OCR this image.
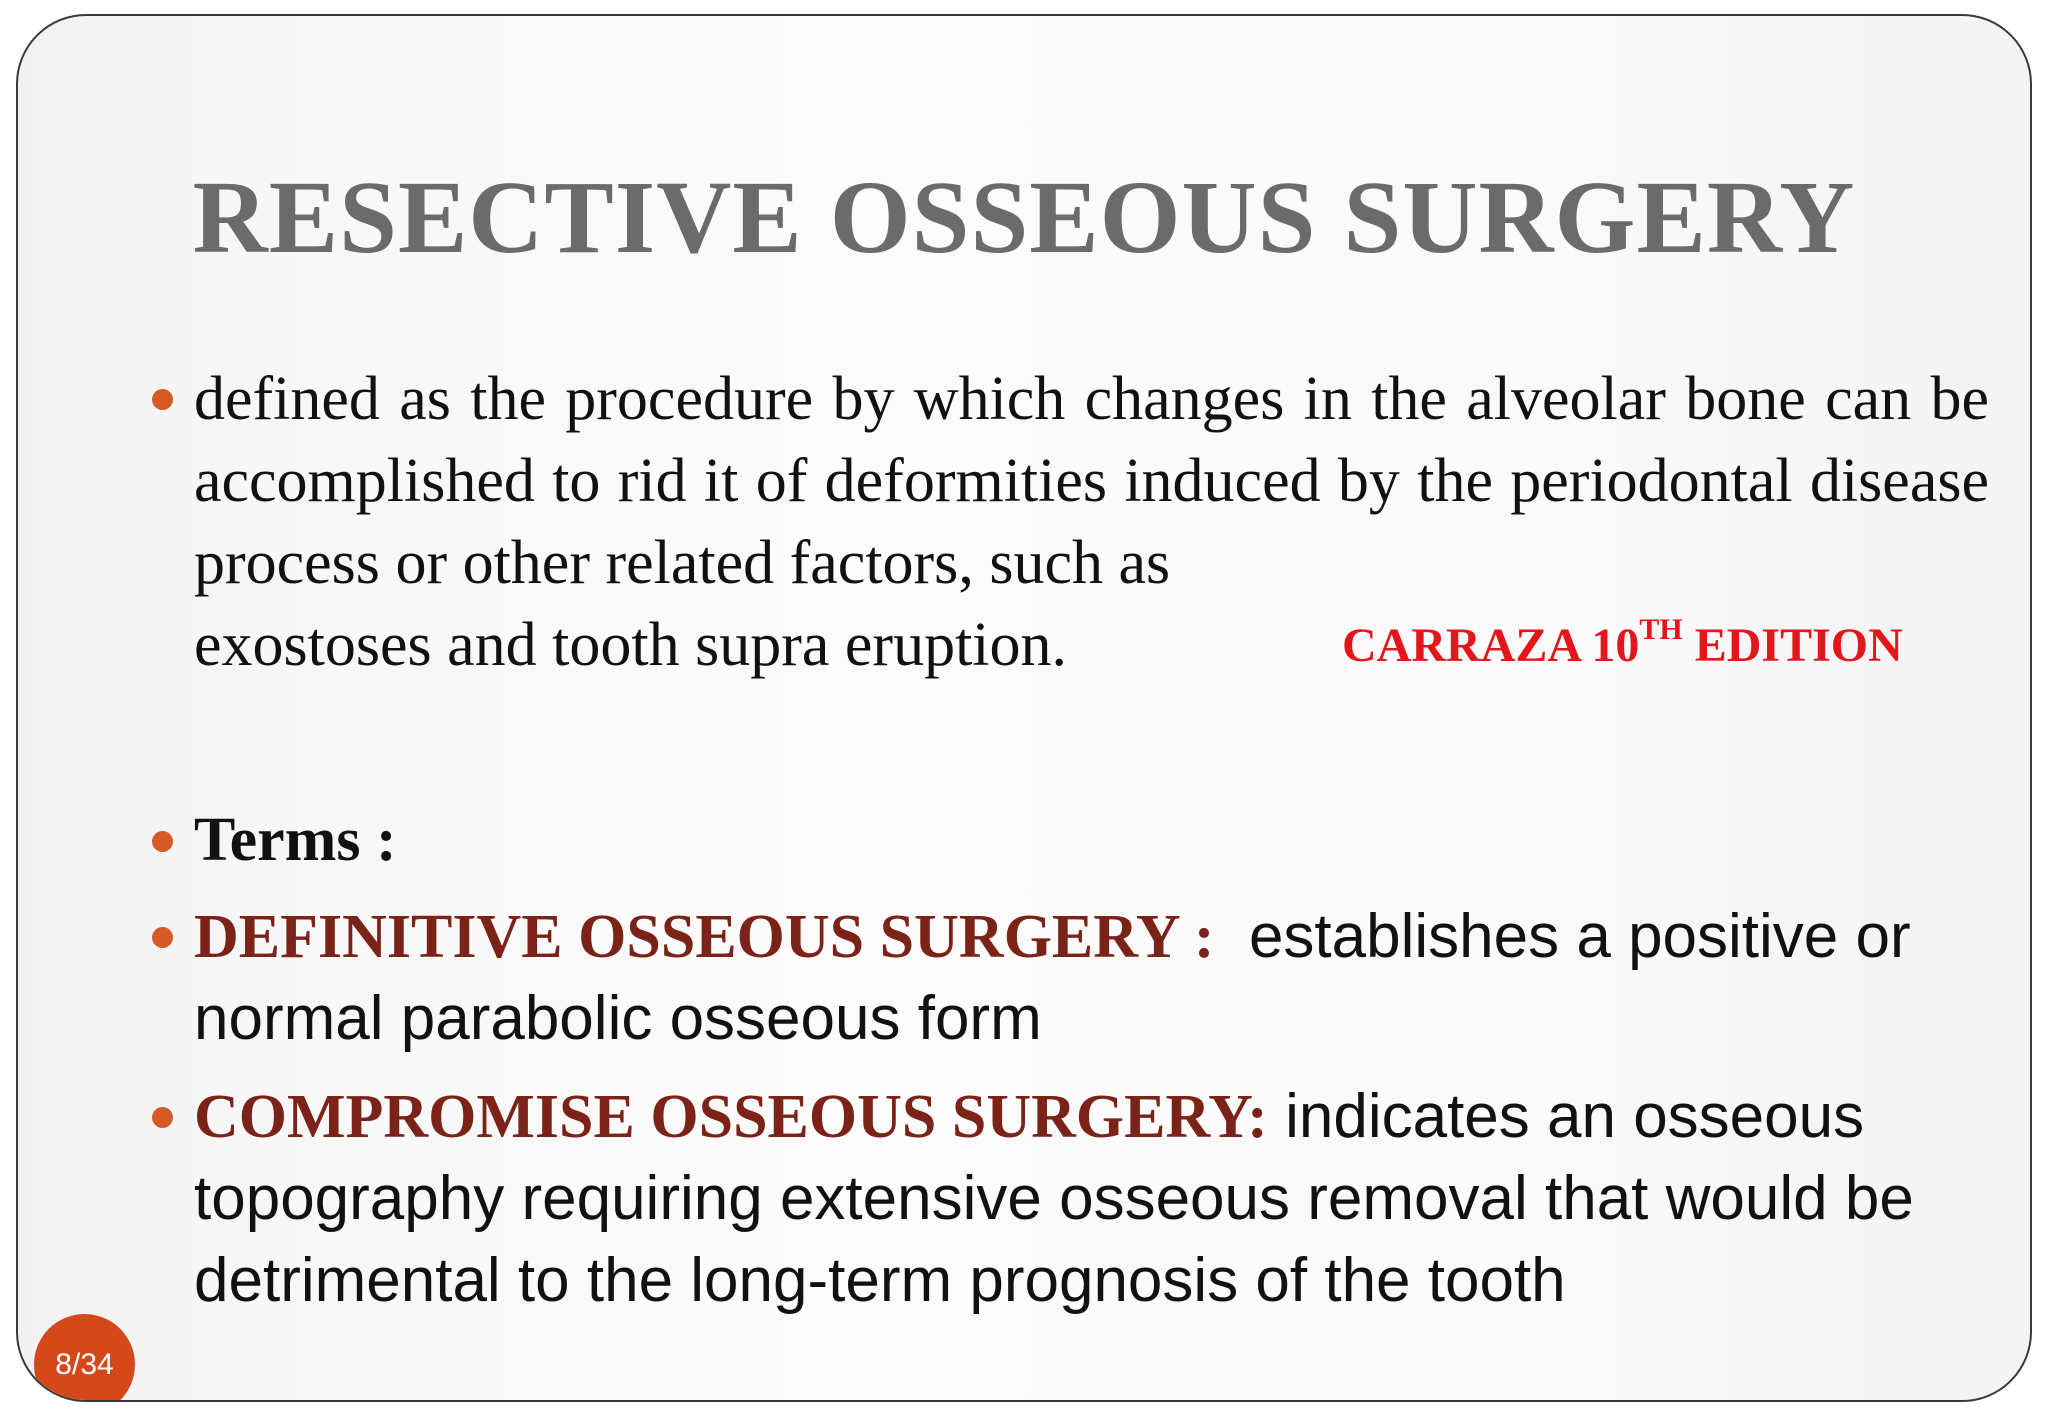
RESECTIVE OSSEOUS SURGERY
defined as the procedure by which changes in the alveolar bone can be accomplished to rid it of deformities induced by the periodontal disease process or other related factors, such as
exostoses and tooth supra eruption.	CARRAZA 10TH EDITION
Terms :
DEFINITIVE OSSEOUS SURGERY : establishes a positive or normal parabolic osseous form
COMPROMISE OSSEOUS SURGERY: indicates an osseous topography requiring extensive osseous removal that would be detrimental to the long-term prognosis of the tooth
8/34
